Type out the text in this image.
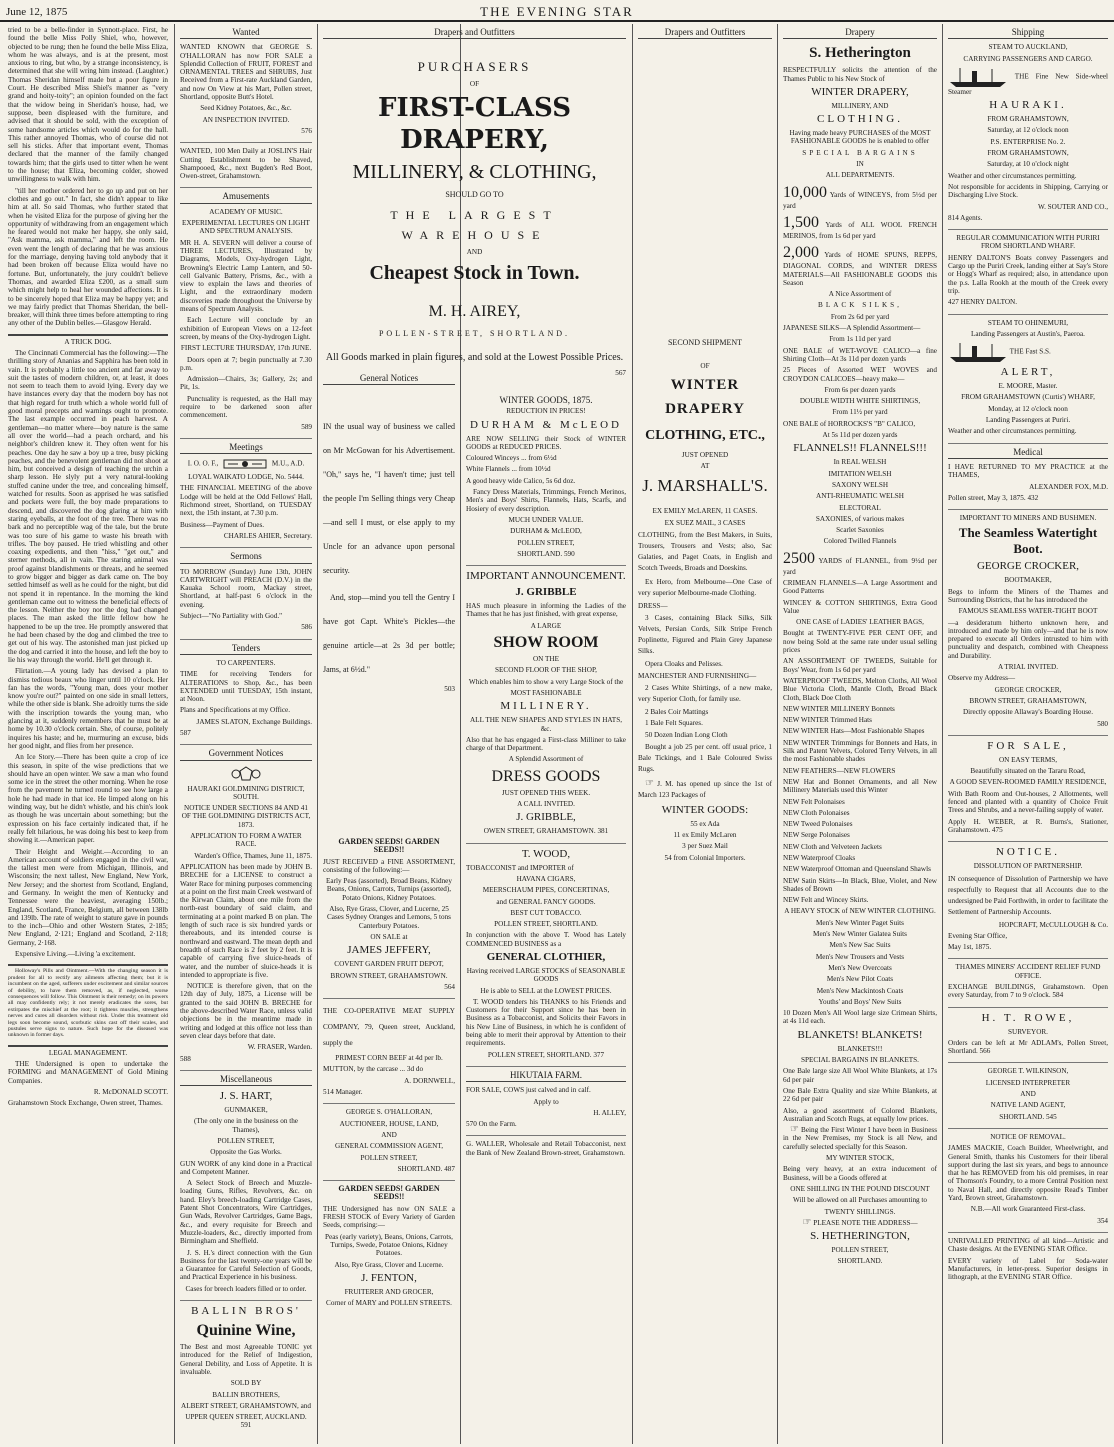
June 12, 1875	THE EVENING STAR

tried to be a belle-finder in Synnott-place. First, he found the belle Miss Polly Shiel, who, however, objected to be rung; then he found the belle Miss Eliza, whom he was always, and is at the present, most anxious to ring, but who, by a strange inconsistency, is determined that she will wring him instead. (Laughter.) Thomas Sheridan himself made but a poor figure in Court. He described Miss Shiel's manner as "very grand and hoity-toity"; an opinion founded on the fact that the widow being in Sheridan's house, had, we suppose, been displeased with the furniture, and advised that it should be sold, with the exception of some handsome articles which would do for the hall. This rather annoyed Thomas, who of course did not sell his sticks. After that important event, Thomas declared that the manner of the family changed towards him; that the girls used to titter when he went to the house; that Eliza, becoming colder, showed unwillingness to walk with him.

"till her mother ordered her to go up and put on her clothes and go out." In fact, she didn't appear to like him at all. So said Thomas, who further stated that when he visited Eliza for the purpose of giving her the opportunity of withdrawing from an engagement which he feared would not make her happy, she only said, "Ask mamma, ask mamma," and left the room. He even went the length of declaring that he was anxious for the marriage, denying having told anybody that it had been broken off because Eliza would have no fortune. But, unfortunately, the jury couldn't believe Thomas, and awarded Eliza £200, as a small sum which might help to heal her wounded affections. It is to be sincerely hoped that Eliza may be happy yet; and we may fairly predict that Thomas Sheridan, the bell-breaker, will think three times before attempting to ring any other of the Dublin belles.—Glasgow Herald.

A TRICK DOG.

The Cincinnati Commercial has the following:—The thrilling story of Ananias and Sapphira has been told in vain. It is probably a little too ancient and far away to suit the tastes of modern children, or, at least, it does not seem to teach them to avoid lying. Every day we have instances every day that the modern boy has not that high regard for truth which a whole world full of good moral precepts and warnings ought to promote. The last example occurred in peach harvest. A gentleman—no matter where—boy nature is the same all over the world—had a peach orchard, and his neighbor's children knew it. They often went for his peaches. One day he saw a boy up a tree, busy picking peaches, and the benevolent gentleman did not shoot at him, but conceived a design of teaching the urchin a sharp lesson. He slyly put a very natural-looking stuffed canine under the tree, and concealing himself, watched for results. Soon as apprised he was satisfied and pockets were full, the boy made preparations to descend, and discovered the dog glaring at him with staring eyeballs, at the foot of the tree. There was no bark and no perceptible wag of the tale, but the brute was too sure of his game to waste his breath with trifles. The boy paused. He tried whistling and other coaxing expedients, and then "hiss," "get out," and sterner methods, all in vain. The staring animal was proof against blandishments or threats, and he seemed to grow bigger and bigger as dark came on. The boy settled himself as well as he could for the night, but did not spend it in repentance. In the morning the kind gentleman came out to witness the beneficial effects of the lesson. Neither the boy nor the dog had changed places. The man asked the little fellow how he happened to be up the tree. He promptly answered that he had been chased by the dog and climbed the tree to get out of his way. The astonished man just picked up the dog and carried it into the house, and left the boy to lie his way through the world. He'll get through it.

Flirtation.—A young lady has devised a plan to dismiss tedious beaux who linger until 10 o'clock. Her fan has the words, "Young man, does your mother know you're out?" painted on one side in small letters, while the other side is blank. She adroitly turns the side with the inscription towards the young man, who glancing at it, suddenly remembers that he must be at home by 10.30 o'clock certain. She, of course, politely inquires his haste; and he, murmuring an excuse, bids her good night, and flies from her presence.

An Ice Story.—There has been quite a crop of ice this season, in spite of the wise predictions that we should have an open winter. We saw a man who found some ice in the street the other morning. When he rose from the pavement he turned round to see how large a hole he had made in that ice. He limped along on his winding way, but he didn't whistle, and his chin's look as though he was uncertain about something; but the expression on his face certainly indicated that, if he really felt hilarious, he was doing his best to keep from showing it.—American paper.

Their Height and Weight.—According to an American account of soldiers engaged in the civil war, the tallest men were from Michigan, Illinois, and Wisconsin; the next tallest, New England, New York, New Jersey; and the shortest from Scotland, England, and Germany. In weight the men of Kentucky and Tennessee were the heaviest, averaging 150lb.; England, Scotland, France, Belgium, all between 138lb and 139lb. The rate of weight to stature gave in pounds to the inch—Ohio and other Western States, 2·185; New England, 2·121; England and Scotland, 2·118; Germany, 2·168.

Expensive Living.—Living 'a excitement.

Holloway's Pills and Ointment.—With the changing season it is prudent for all to rectify any ailments affecting them; but it is incumbent on the aged, sufferers under excitement and similar sources of debility, to have them removed, as, if neglected, worse consequences will follow. This Ointment is their remedy; on its powers all may confidently rely; it not merely eradicates the sores, but extirpates the mischief at the root; it tightens muscles, strengthens nerves and cures all disorders without risk. Under this treatment old legs soon become sound, scorbutic skins cast off their scales, and pustules serve signs to nature. Such hope for the diseased was unknown in former days.

LEGAL MANAGEMENT.

THE Undersigned is open to undertake the FORMING and MANAGEMENT of Gold Mining Companies.

R. McDONALD SCOTT.

Grahamstown Stock Exchange, Owen street, Thames.

Wanted

WANTED KNOWN that GEORGE S. O'HALLORAN has now FOR SALE a Splendid Collection of FRUIT, FOREST and ORNAMENTAL TREES and SHRUBS, Just Received from a First-rate Auckland Garden, and now On View at his Mart, Pollen street, Shortland, opposite Butt's Hotel.

Seed Kidney Potatoes, &c., &c.

AN INSPECTION INVITED.

576

WANTED, 100 Men Daily at JOSLIN'S Hair Cutting Establishment to be Shaved, Shampooed, &c., next Bugden's Red Boot, Owen-street, Grahamstown.

Amusements

ACADEMY OF MUSIC.

EXPERIMENTAL LECTURES ON LIGHT AND SPECTRUM ANALYSIS.

MR H. A. SEVERN will deliver a course of THREE LECTURES, Illustrated by Diagrams, Models, Oxy-hydrogen Light, Browning's Electric Lamp Lantern, and 50-cell Galvanic Battery, Prisms, &c., with a view to explain the laws and theories of Light, and the extraordinary modern discoveries made throughout the Universe by means of Spectrum Analysis.

Each Lecture will conclude by an exhibition of European Views on a 12-feet screen, by means of the Oxy-hydrogen Light.

FIRST LECTURE THURSDAY, 17th JUNE.

Doors open at 7; begin punctually at 7.30 p.m.

Admission—Chairs, 3s; Gallery, 2s; and Pit, 1s.

Punctuality is requested, as the Hall may require to be darkened soon after commencement.

589

Meetings

I. O. O. F.,	M.U., A.D.

LOYAL WAIKATO LODGE, No. 5444.

THE FINANCIAL MEETING of the above Lodge will be held at the Odd Fellows' Hall, Richmond street, Shortland, on TUESDAY next, the 15th instant, at 7.30 p.m.

Business—Payment of Dues.

CHARLES AHIER, Secretary.

Sermons

TO MORROW (Sunday) June 13th, JOHN CARTWRIGHT will PREACH (D.V.) in the Kauaka School room, Mackay street, Shortland, at half-past 6 o'clock in the evening.

Subject—"No Partiality with God."

586

Tenders

TO CARPENTERS.

TIME for receiving Tenders for ALTERATIONS to Shop, &c., has been EXTENDED until TUESDAY, 15th instant, at Noon.

Plans and Specifications at my Office.

JAMES SLATON, Exchange Buildings.

587

Government Notices

HAURAKI GOLDMINING DISTRICT, SOUTH.

NOTICE UNDER SECTIONS 84 AND 41 OF THE GOLDMINING DISTRICTS ACT, 1873.

APPLICATION TO FORM A WATER RACE.

Warden's Office, Thames, June 11, 1875.

APPLICATION has been made by JOHN B. BRECHE for a LICENSE to construct a Water Race for mining purposes commencing at a point on the first main Creek westward of the Kirwan Claim, about one mile from the north-east boundary of said claim, and terminating at a point marked B on plan. The length of such race is six hundred yards or thereabouts, and its intended course is northward and eastward. The mean depth and breadth of such Race is 2 feet by 2 feet. It is capable of carrying five sluice-heads of water, and the number of sluice-heads it is intended to appropriate is five.

NOTICE is therefore given, that on the 12th day of July, 1875, a License will be granted to the said JOHN B. BRECHE for the above-described Water Race, unless valid objections be in the meantime made in writing and lodged at this office not less than seven clear days before that date.

W. FRASER, Warden.

588

Miscellaneous

J. S. HART,

GUNMAKER,

(The only one in the business on the Thames),

POLLEN STREET,

Opposite the Gas Works.

GUN WORK of any kind done in a Practical and Competent Manner.

A Select Stock of Breech and Muzzle-loading Guns, Rifles, Revolvers, &c. on hand. Eley's breech-loading Cartridge Cases, Patent Shot Concentrators, Wire Cartridges, Gun Wads, Revolver Cartridges, Game Bags, &c., and every requisite for Breech and Muzzle-loaders, &c., directly imported from Birmingham and Sheffield.

J. S. H.'s direct connection with the Gun Business for the last twenty-one years will be a Guarantee for Careful Selection of Goods, and Practical Experience in his business.

Cases for breech loaders filled or to order.

BALLIN BROS'

Quinine Wine,

The Best and most Agreeable TONIC yet introduced for the Relief of Indigestion, General Debility, and Loss of Appetite. It is invaluable.

SOLD BY

BALLIN BROTHERS,

ALBERT STREET, GRAHAMSTOWN, and

UPPER QUEEN STREET, AUCKLAND. 591

Drapers and Outfitters

PURCHASERS

OF

FIRST-CLASS DRAPERY,

MILLINERY, & CLOTHING,

SHOULD GO TO

THE LARGEST WAREHOUSE

AND

Cheapest Stock in Town.

M. H. AIREY,

POLLEN-STREET, SHORTLAND.

All Goods marked in plain figures, and sold at the Lowest Possible Prices.

567

General Notices

IN the usual way of business we called on Mr McGowan for his Advertisement. "Oh," says he, "I haven't time; just tell the people I'm Selling things very Cheap—and sell I must, or else apply to my Uncle for an advance upon personal security.

And, stop—mind you tell the Gentry I have got Capt. White's Pickles—the genuine article—at 2s 3d per bottle; Jams, at 6½d."

503

GARDEN SEEDS! GARDEN SEEDS!!

JUST RECEIVED a FINE ASSORTMENT, consisting of the following:—

Early Peas (assorted), Broad Beans, Kidney Beans, Onions, Carrots, Turnips (assorted), Potato Onions, Kidney Potatoes.

Also, Rye Grass, Clover, and Lucerne, 25 Cases Sydney Oranges and Lemons, 5 tons Canterbury Potatoes.

ON SALE at

JAMES JEFFERY,

COVENT GARDEN FRUIT DEPOT,

BROWN STREET, GRAHAMSTOWN.

564

THE CO-OPERATIVE MEAT SUPPLY COMPANY, 79, Queen street, Auckland, supply the

PRIMEST CORN BEEF at 4d per lb.

MUTTON, by the carcase ... 3d do

A. DORNWELL,

514 Manager.

GEORGE S. O'HALLORAN,

AUCTIONEER, HOUSE, LAND,

AND

GENERAL COMMISSION AGENT,

POLLEN STREET,

SHORTLAND. 487

GARDEN SEEDS! GARDEN SEEDS!!

THE Undersigned has now ON SALE a FRESH STOCK of Every Variety of Garden Seeds, comprising:—

Peas (early variety), Beans, Onions, Carrots, Turnips, Swede, Potatoe Onions, Kidney Potatoes.

Also, Rye Grass, Clover and Lucerne.

J. FENTON,

FRUITERER AND GROCER,

Corner of MARY and POLLEN STREETS.

WINTER GOODS, 1875.

REDUCTION IN PRICES!

DURHAM & McLEOD

ARE NOW SELLING their Stock of WINTER GOODS at REDUCED PRICES.

Coloured Winceys ... from 6½d

White Flannels ... from 10½d

A good heavy wide Calico, 5s 6d doz.

Fancy Dress Materials, Trimmings, French Merinos, Men's and Boys' Shirts, Flannels, Hats, Scarfs, and Hosiery of every description.

MUCH UNDER VALUE.

DURHAM & McLEOD,

POLLEN STREET,

SHORTLAND. 590

IMPORTANT ANNOUNCEMENT.

J. GRIBBLE

HAS much pleasure in informing the Ladies of the Thames that he has just finished, with great expense,

A LARGE

SHOW ROOM

ON THE

SECOND FLOOR OF THE SHOP,

Which enables him to show a very Large Stock of the

MOST FASHIONABLE

MILLINERY.

ALL THE NEW SHAPES AND STYLES IN HATS, &c.

Also that he has engaged a First-class Milliner to take charge of that Department.

A Splendid Assortment of

DRESS GOODS

JUST OPENED THIS WEEK.

A CALL INVITED.

J. GRIBBLE,

OWEN STREET, GRAHAMSTOWN. 381

T. WOOD,

TOBACCONIST and IMPORTER of

HAVANA CIGARS,

MEERSCHAUM PIPES, CONCERTINAS,

and GENERAL FANCY GOODS.

BEST CUT TOBACCO.

POLLEN STREET, SHORTLAND.

In conjunction with the above T. Wood has Lately COMMENCED BUSINESS as a

GENERAL CLOTHIER,

Having received LARGE STOCKS of SEASONABLE GOODS

He is able to SELL at the LOWEST PRICES.

T. WOOD tenders his THANKS to his Friends and Customers for their Support since he has been in Business as a Tobacconist, and Solicits their Favors in his New Line of Business, in which he is confident of being able to merit their approval by Attention to their requirements.

POLLEN STREET, SHORTLAND. 377

HIKUTAIA FARM.

FOR SALE, COWS just calved and in calf.

Apply to

H. ALLEY,

570 On the Farm.

G. WALLER, Wholesale and Retail Tobacconist, next the Bank of New Zealand Brown-street, Grahamstown.

Drapers and Outfitters

SECOND SHIPMENT

OF

WINTER DRAPERY

CLOTHING, ETC.,

JUST OPENED

AT

J. MARSHALL'S.

EX EMILY McLAREN, 11 CASES.

EX SUEZ MAIL, 3 CASES

CLOTHING, from the Best Makers, in Suits, Trousers, Trousers and Vests; also, Sac Galaties, and Paget Coats, in English and Scotch Tweeds, Broads and Doeskins.

Ex Hero, from Melbourne—One Case of very superior Melbourne-made Clothing.

DRESS—

3 Cases, containing Black Silks, Silk Velvets, Persian Cords, Silk Stripe French Poplinette, Figured and Plain Grey Japanese Silks.

Opera Cloaks and Pelisses.

MANCHESTER AND FURNISHING—

2 Cases White Shirtings, of a new make, very Superior Cloth, for family use.

2 Bales Coir Mattings

1 Bale Felt Squares.

50 Dozen Indian Long Cloth

Bought a job 25 per cent. off usual price, 1 Bale Tickings, and 1 Bale Coloured Swiss Rugs.

☞ J. M. has opened up since the 1st of March 123 Packages of

WINTER GOODS:

55 ex Ada

11 ex Emily McLaren

3 per Suez Mail

54 from Colonial Importers.

Drapery

S. Hetherington

RESPECTFULLY solicits the attention of the Thames Public to his New Stock of

WINTER DRAPERY,

MILLINERY, AND

CLOTHING.

Having made heavy PURCHASES of the MOST FASHIONABLE GOODS he is enabled to offer

SPECIAL BARGAINS

IN

ALL DEPARTMENTS.

10,000 Yards of WINCEYS, from 5½d per yard

1,500 Yards of ALL WOOL FRENCH MERINOS, from 1s 6d per yard

2,000 Yards of HOME SPUNS, REPPS, DIAGONAL CORDS, and WINTER DRESS MATERIALS—All FASHIONABLE GOODS this Season

A Nice Assortment of

BLACK SILKS,

From 2s 6d per yard

JAPANESE SILKS—A Splendid Assortment—

From 1s 11d per yard

ONE BALE of WET-WOVE CALICO—a fine Shirting Cloth—At 3s 11d per dozen yards

25 Pieces of Assorted WET WOVES and CROYDON CALICOES—heavy make—

From 6s per dozen yards

DOUBLE WIDTH WHITE SHIRTINGS,

From 11½ per yard

ONE BALE of HORROCKS'S "B" CALICO,

At 5s 11d per dozen yards

FLANNELS!! FLANNELS!!!

In REAL WELSH

IMITATION WELSH

SAXONY WELSH

ANTI-RHEUMATIC WELSH

ELECTORAL

SAXONIES, of various makes

Scarlet Saxonies

Colored Twilled Flannels

2500 YARDS of FLANNEL, from 9½d per yard

CRIMEAN FLANNELS—A Large Assortment and Good Patterns

WINCEY & COTTON SHIRTINGS, Extra Good Value

ONE CASE of LADIES' LEATHER BAGS,

Bought at TWENTY-FIVE PER CENT OFF, and now being Sold at the same rate under usual selling prices

AN ASSORTMENT OF TWEEDS, Suitable for Boys' Wear, from 1s 6d per yard

WATERPROOF TWEEDS, Melton Cloths, All Wool Blue Victoria Cloth, Mantle Cloth, Broad Black Cloth, Black Doe Cloth

NEW WINTER MILLINERY Bonnets

NEW WINTER Trimmed Hats

NEW WINTER Hats—Most Fashionable Shapes

NEW WINTER Trimmings for Bonnets and Hats, in Silk and Patent Velvets, Colored Terry Velvets, in all the most Fashionable shades

NEW FEATHERS—NEW FLOWERS

NEW Hat and Bonnet Ornaments, and all New Millinery Materials used this Winter

NEW Felt Polonaises

NEW Cloth Polonaises

NEW Tweed Polonaises

NEW Serge Polonaises

NEW Cloth and Velveteen Jackets

NEW Waterproof Cloaks

NEW Waterproof Ottoman and Queensland Shawls

NEW Satin Skirts—In Black, Blue, Violet, and New Shades of Brown

NEW Felt and Wincey Skirts.

A HEAVY STOCK of NEW WINTER CLOTHING.

Men's New Winter Paget Suits

Men's New Winter Galatea Suits

Men's New Sac Suits

Men's New Trousers and Vests

Men's New Overcoats

Men's New Pilot Coats

Men's New Mackintosh Coats

Youths' and Boys' New Suits

10 Dozen Men's All Wool large size Crimean Shirts, at 4s 11d each.

BLANKETS! BLANKETS!

BLANKETS!!!

SPECIAL BARGAINS IN BLANKETS.

One Bale large size All Wool White Blankets, at 17s 6d per pair

One Bale Extra Quality and size White Blankets, at 22 6d per pair

Also, a good assortment of Colored Blankets, Australian and Scotch Rugs, at equally low prices.

☞ Being the First Winter I have been in Business in the New Premises, my Stock is all New, and carefully selected specially for this Season.

MY WINTER STOCK,

Being very heavy, at an extra inducement of Business, will be a Goods offered at

ONE SHILLING IN THE POUND DISCOUNT

Will be allowed on all Purchases amounting to

TWENTY SHILLINGS.

☞ PLEASE NOTE THE ADDRESS—

S. HETHERINGTON,

POLLEN STREET,

SHORTLAND.

Shipping

STEAM TO AUCKLAND,

CARRYING PASSENGERS AND CARGO.

THE Fine New Side-wheel Steamer

HAURAKI.

FROM GRAHAMSTOWN,

Saturday, at 12 o'clock noon

P.S. ENTERPRISE No. 2.

FROM GRAHAMSTOWN,

Saturday, at 10 o'clock night

Weather and other circumstances permitting.

Not responsible for accidents in Shipping, Carrying or Discharging Live Stock.

W. SOUTER AND CO.,

814 Agents.

REGULAR COMMUNICATION WITH PURIRI FROM SHORTLAND WHARF.

HENRY DALTON'S Boats convey Passengers and Cargo up the Puriri Creek, landing either at Say's Store or Hogg's Wharf as required; also, in attendance upon the p.s. Lalla Rookh at the mouth of the Creek every trip.

427 HENRY DALTON.

STEAM TO OHINEMURI,

Landing Passengers at Austin's, Paeroa.

THE Fast S.S.

ALERT,

E. MOORE, Master.

FROM GRAHAMSTOWN (Curtis') WHARF,

Monday, at 12 o'clock noon

Landing Passengers at Puriri.

Weather and other circumstances permitting.

Medical

I HAVE RETURNED TO MY PRACTICE at the THAMES,

ALEXANDER FOX, M.D.

Pollen street, May 3, 1875. 432

IMPORTANT TO MINERS AND BUSHMEN.

The Seamless Watertight Boot.

GEORGE CROCKER,

BOOTMAKER,

Begs to inform the Miners of the Thames and Surrounding Districts, that he has introduced the

FAMOUS SEAMLESS WATER-TIGHT BOOT

—a desideratum hitherto unknown here, and introduced and made by him only—and that he is now prepared to execute all Orders intrusted to him with punctuality and despatch, combined with Cheapness and Durability.

A TRIAL INVITED.

Observe my Address—

GEORGE CROCKER,

BROWN STREET, GRAHAMSTOWN,

Directly opposite Allaway's Boarding House.

580

FOR SALE,

ON EASY TERMS,

Beautifully situated on the Tararu Road,

A GOOD SEVEN-ROOMED FAMILY RESIDENCE,

With Bath Room and Out-houses, 2 Allotments, well fenced and planted with a quantity of Choice Fruit Trees and Shrubs, and a never-failing supply of water.

Apply H. WEBER, at R. Burns's, Stationer, Grahamstown. 475

NOTICE.

DISSOLUTION OF PARTNERSHIP.

IN consequence of Dissolution of Partnership we have respectfully to Request that all Accounts due to the undersigned be Paid Forthwith, in order to facilitate the Settlement of Partnership Accounts.

HOPCRAFT, McCULLOUGH & Co.

Evening Star Office,

May 1st, 1875.

THAMES MINERS' ACCIDENT RELIEF FUND OFFICE.

EXCHANGE BUILDINGS, Grahamstown. Open every Saturday, from 7 to 9 o'clock. 584

H. T. ROWE,

SURVEYOR.

Orders can be left at Mr ADLAM's, Pollen Street, Shortland. 566

GEORGE T. WILKINSON,

LICENSED INTERPRETER

AND

NATIVE LAND AGENT,

SHORTLAND. 545

NOTICE OF REMOVAL.

JAMES MACKIE, Coach Builder, Wheelwright, and General Smith, thanks his Customers for their liberal support during the last six years, and begs to announce that he has REMOVED from his old premises, in rear of Thomson's Foundry, to a more Central Position next to Naval Hall, and directly opposite Read's Timber Yard, Brown street, Grahamstown.

N.B.—All work Guaranteed First-class.

354

UNRIVALLED PRINTING of all kind—Artistic and Chaste designs. At the EVENING STAR Office.

EVERY variety of Label for Soda-water Manufacturers, in letter-press. Superior designs in lithograph, at the EVENING STAR Office.
